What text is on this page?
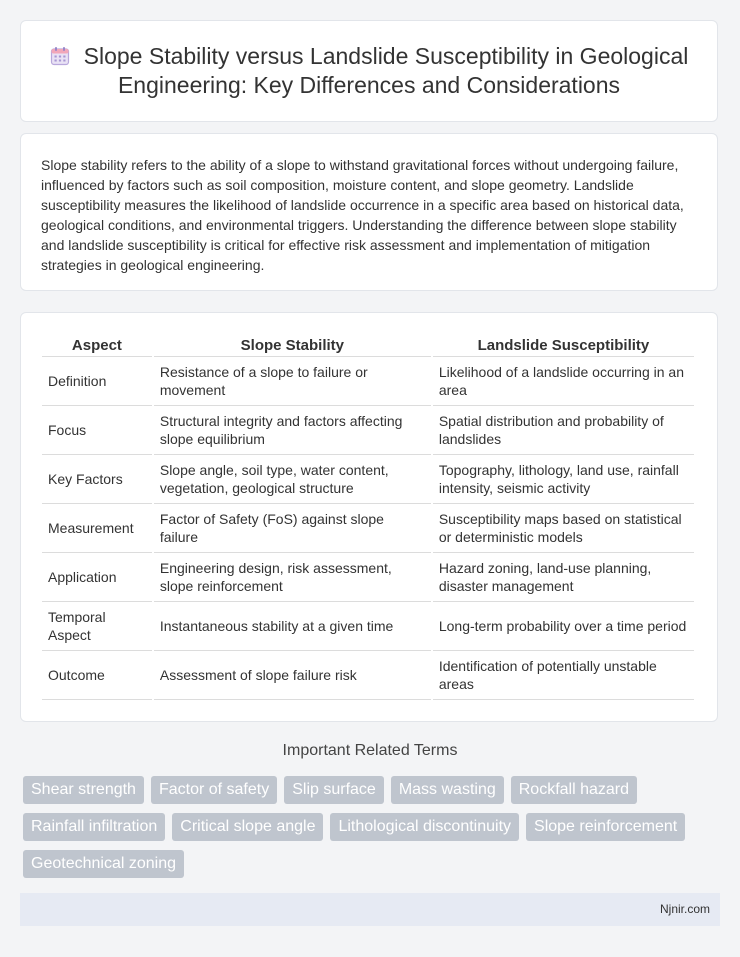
Slope Stability versus Landslide Susceptibility in Geological Engineering: Key Differences and Considerations

Slope stability refers to the ability of a slope to withstand gravitational forces without undergoing failure, influenced by factors such as soil composition, moisture content, and slope geometry. Landslide susceptibility measures the likelihood of landslide occurrence in a specific area based on historical data, geological conditions, and environmental triggers. Understanding the difference between slope stability and landslide susceptibility is critical for effective risk assessment and implementation of mitigation strategies in geological engineering.

Aspect	Slope Stability	Landslide Susceptibility
Definition	Resistance of a slope to failure or movement	Likelihood of a landslide occurring in an area
Focus	Structural integrity and factors affecting slope equilibrium	Spatial distribution and probability of landslides
Key Factors	Slope angle, soil type, water content, vegetation, geological structure	Topography, lithology, land use, rainfall intensity, seismic activity
Measurement	Factor of Safety (FoS) against slope failure	Susceptibility maps based on statistical or deterministic models
Application	Engineering design, risk assessment, slope reinforcement	Hazard zoning, land-use planning, disaster management
Temporal Aspect	Instantaneous stability at a given time	Long-term probability over a time period
Outcome	Assessment of slope failure risk	Identification of potentially unstable areas
Important Related Terms
Shear strength	Factor of safety	Slip surface	Mass wasting	Rockfall hazard
Rainfall infiltration	Critical slope angle	Lithological discontinuity	Slope reinforcement
Geotechnical zoning
Njnir.com
